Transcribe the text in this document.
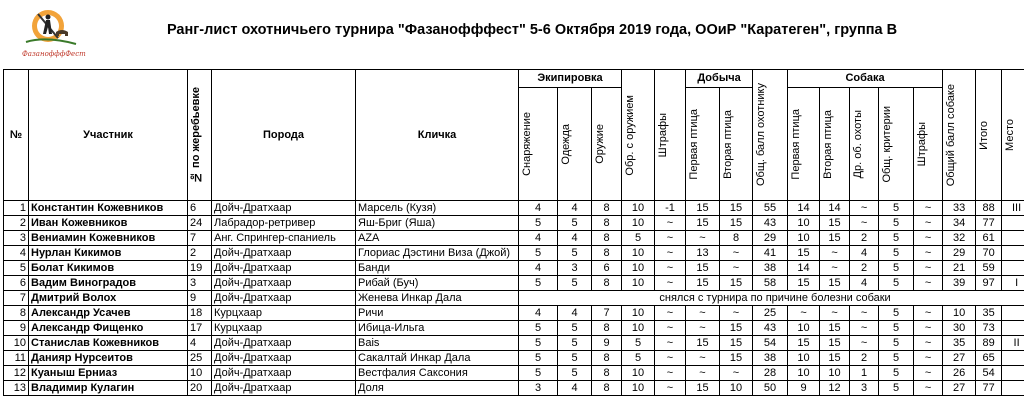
ФазанофффФест
Ранг-лист охотничьего турнира "Фазанофффест" 5-6 Октября 2019 года, ООиР "Каратеген", группа В
№	Участник	№ по жеребьевке	Порода	Кличка	Экипировка			Обр. с оружием	Штрафы	Добыча		Общ. балл охотнику	Собака					Общий балл собаке	Итого	Место

					Снаряжение	Одежда	Оружие			Первая птица	Вторая птица		Первая птица	Вторая птица	Др. об. охоты	Общ. критерии	Штрафы			

1	Константин Кожевников	6	Дойч-Дратхаар	Марсель (Кузя)	4	4	8	10	-1	15	15	55	14	14	~	5	~	33	88	III
2	Иван Кожевников	24	Лабрадор-ретривер	Яш-Бриг (Яша)	5	5	8	10	~	15	15	43	10	15	~	5	~	34	77	
3	Вениамин Кожевников	7	Анг. Спрингер-спаниель	AZA	4	4	8	5	~	~	8	29	10	15	2	5	~	32	61	
4	Нурлан Кикимов	2	Дойч-Дратхаар	Глориас Дэстини Виза (Джой)	5	5	8	10	~	13	~	41	15	~	4	5	~	29	70	
5	Болат Кикимов	19	Дойч-Дратхаар	Банди	4	3	6	10	~	15	~	38	14	~	2	5	~	21	59	
6	Вадим Виноградов	3	Дойч-Дратхаар	Рибай (Буч)	5	5	8	10	~	15	15	58	15	15	4	5	~	39	97	I
7	Дмитрий Волох	9	Дойч-Дратхаар	Женева Инкар Дала	снялся с турнира по причине болезни собаки															
8	Александр Усачев	18	Курцхаар	Ричи	4	4	7	10	~	~	~	25	~	~	~	5	~	10	35	
9	Александр Фищенко	17	Курцхаар	Ибица-Ильга	5	5	8	10	~	~	15	43	10	15	~	5	~	30	73	
10	Станислав Кожевников	4	Дойч-Дратхаар	Bais	5	5	9	5	~	15	15	54	15	15	~	5	~	35	89	II
11	Данияр Нурсеитов	25	Дойч-Дратхаар	Сакалтай Инкар Дала	5	5	8	5	~	~	15	38	10	15	2	5	~	27	65	
12	Куаныш Ерниаз	10	Дойч-Дратхаар	Вестфалия Саксония	5	5	8	10	~	~	~	28	10	10	1	5	~	26	54	
13	Владимир Кулагин	20	Дойч-Дратхаар	Доля	3	4	8	10	~	15	10	50	9	12	3	5	~	27	77	
